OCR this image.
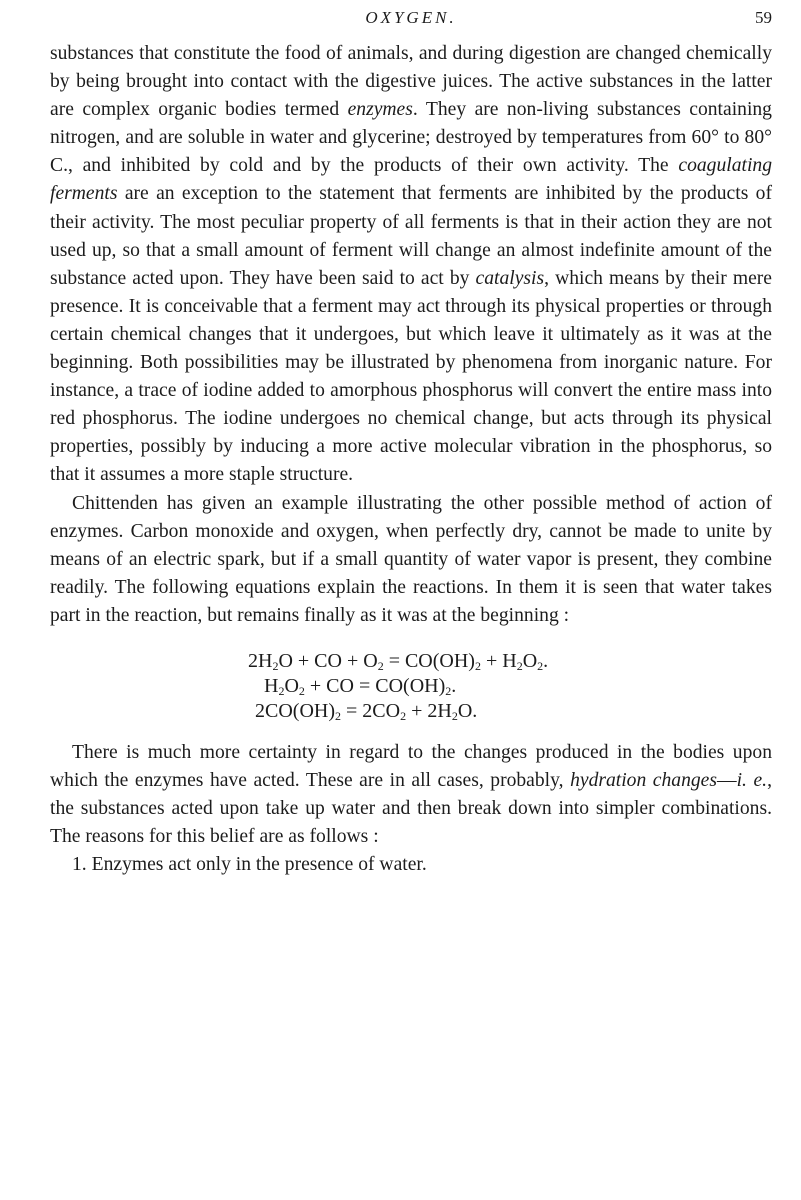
OXYGEN.	59

substances that constitute the food of animals, and during digestion are changed chemically by being brought into contact with the digestive juices. The active substances in the latter are complex organic bodies termed enzymes. They are non-living substances containing nitrogen, and are soluble in water and glycerine; destroyed by temperatures from 60° to 80° C., and inhibited by cold and by the products of their own activity. The coagulating ferments are an exception to the statement that ferments are inhibited by the products of their activity. The most peculiar property of all ferments is that in their action they are not used up, so that a small amount of ferment will change an almost indefinite amount of the substance acted upon. They have been said to act by catalysis, which means by their mere presence. It is conceivable that a ferment may act through its physical properties or through certain chemical changes that it undergoes, but which leave it ultimately as it was at the beginning. Both possibilities may be illustrated by phenomena from inorganic nature. For instance, a trace of iodine added to amorphous phosphorus will convert the entire mass into red phosphorus. The iodine undergoes no chemical change, but acts through its physical properties, possibly by inducing a more active molecular vibration in the phosphorus, so that it assumes a more staple structure.

Chittenden has given an example illustrating the other possible method of action of enzymes. Carbon monoxide and oxygen, when perfectly dry, cannot be made to unite by means of an electric spark, but if a small quantity of water vapor is present, they combine readily. The following equations explain the reactions. In them it is seen that water takes part in the reaction, but remains finally as it was at the beginning :

$2H_2O$ + CO + $O_2 = CO(OH)_2 + H_2O_2$.
$H_2O_2$ + CO = $CO(OH)_2$.
$2CO(OH)_2 = 2CO_2 + 2H_2O$.

There is much more certainty in regard to the changes produced in the bodies upon which the enzymes have acted. These are in all cases, probably, hydration changes—i. e., the substances acted upon take up water and then break down into simpler combinations. The reasons for this belief are as follows :

1. Enzymes act only in the presence of water.
